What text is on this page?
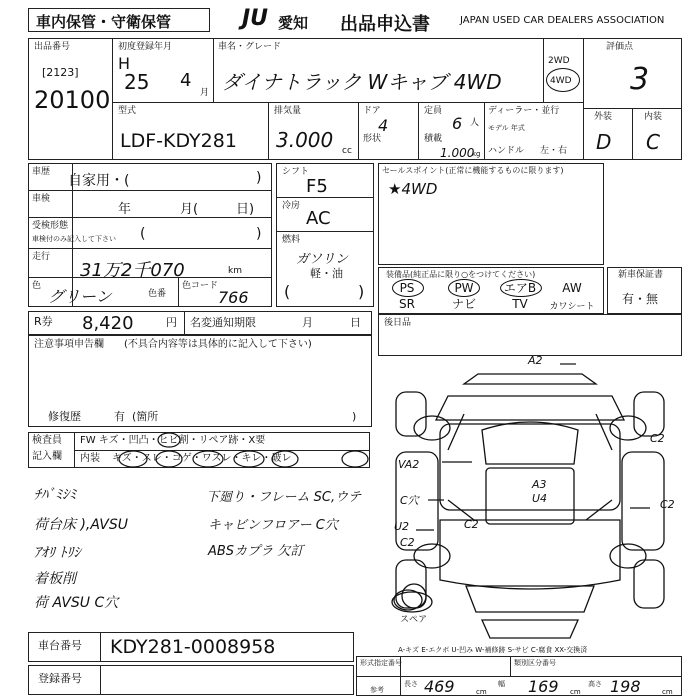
車内保管・守衛保管	JU 愛知 出品申込書	JAPAN USED CAR DEALERS ASSOCIATION
出品番号
[2123]
20100
初度登録年月
H
25 4
月
車名・グレード
ダイナトラック Wキャブ 4WD
2WD
4WD
評価点
3
外装	内装
D C
型式
LDF-KDY281
排気量
3.000 cc
ドア
4
形状
定員
6 人
積載
1.000
kg
ディーラー・並行
モデル 年式
ハンドル 左・右
車歴
自家用・(	)
車検
年	月(	日)
受検形態
車検付のみ記入して下さい (	)
走行
31万2千070	km
色
グリーン	色番
色コード
766
シフト
F5
冷房
AC
燃料
ガソリン
軽・油
(	)
セールスポイント(正常に機能するものに限ります)
★4WD
装備品(純正品に限り○をつけてください)
PS	PW	エアB	AW
SR	ナビ	TV	カワシート
新車保証書
有・無
R券 8,420	円 名変通知期限	月	日
注意事項申告欄 (不具合内容等は具体的に記入して下さい)
修復歴	有 (箇所	)
後日品
検査員
記入欄
FW キズ・凹凸・ヒビ割・リペア跡・X要
内装 キズ・スレ・コゲ・ワスレ・キレ・破レ
ﾁﾊﾞﾐｼﾐ
荷台床 ),AVSU
ｱｵﾘ ﾄﾘｼ
着板削
荷 AVSU C穴
下廻り・フレーム SC,ウテ
キャビンフロアー C穴
ABSカプラ 欠訂
A2
C2
VA2
C穴
C2
A3
U4	C2
U2
C2
スペア
A-キズ E-エクボ U-凹み W-補修跡 S-サビ C-腐食 XX-交換済
車台番号 KDY281-0008958
登録番号
形式指定番号	類別区分番号
参考
長さ 469	cm
幅 169 cm
高さ 198	cm
